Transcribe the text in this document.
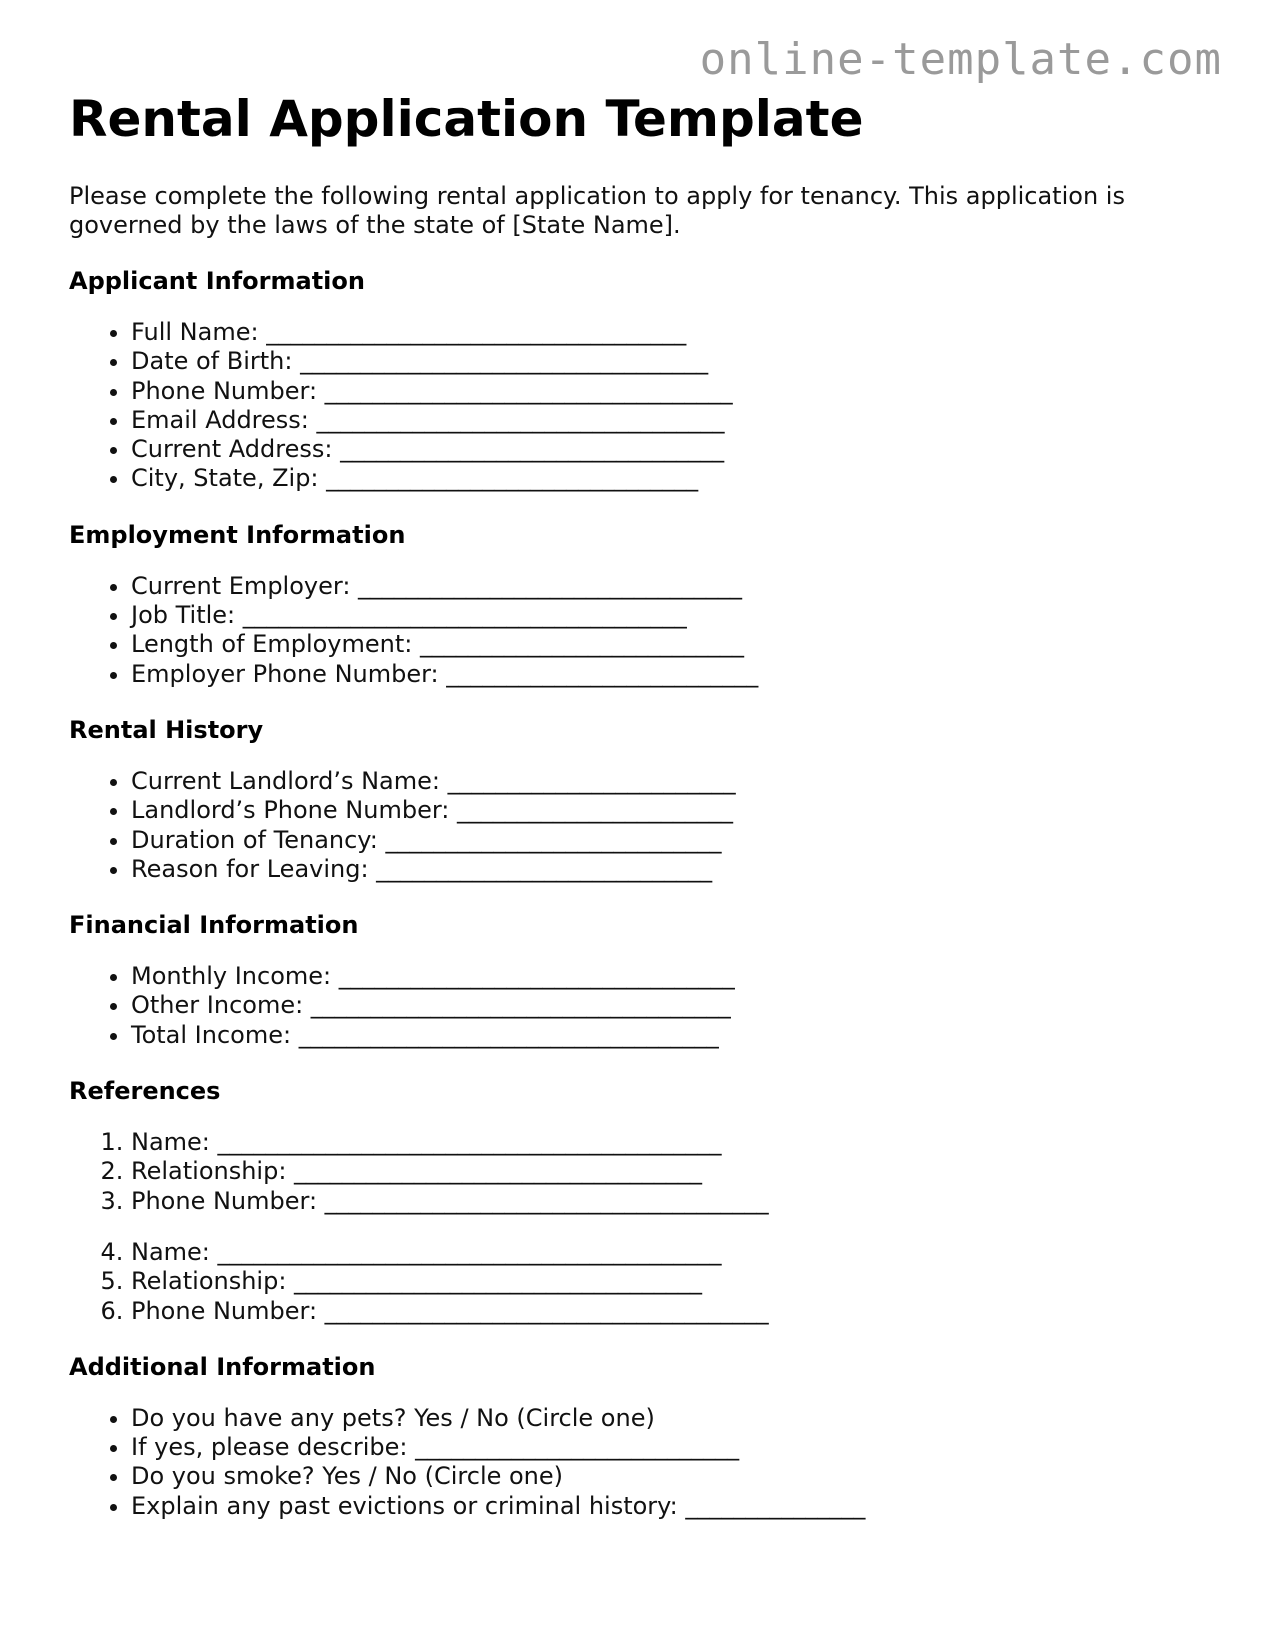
online-template.com
Rental Application Template

Please complete the following rental application to apply for tenancy. This application is governed by the laws of the state of [State Name].

Applicant Information
• Full Name: ___________________________________
• Date of Birth: __________________________________
• Phone Number: __________________________________
• Email Address: __________________________________
• Current Address: ________________________________
• City, State, Zip: _______________________________
Employment Information
• Current Employer: ________________________________
• Job Title: _____________________________________
• Length of Employment: ___________________________
• Employer Phone Number: __________________________
Rental History
• Current Landlord’s Name: ________________________
• Landlord’s Phone Number: _______________________
• Duration of Tenancy: ____________________________
• Reason for Leaving: ____________________________
Financial Information
• Monthly Income: _________________________________
• Other Income: ___________________________________
• Total Income: ___________________________________
References
1. Name: __________________________________________
2. Relationship: __________________________________
3. Phone Number: _____________________________________
4. Name: __________________________________________
5. Relationship: __________________________________
6. Phone Number: _____________________________________
Additional Information
• Do you have any pets? Yes / No (Circle one)
• If yes, please describe: ___________________________
• Do you smoke? Yes / No (Circle one)
• Explain any past evictions or criminal history: _______________
